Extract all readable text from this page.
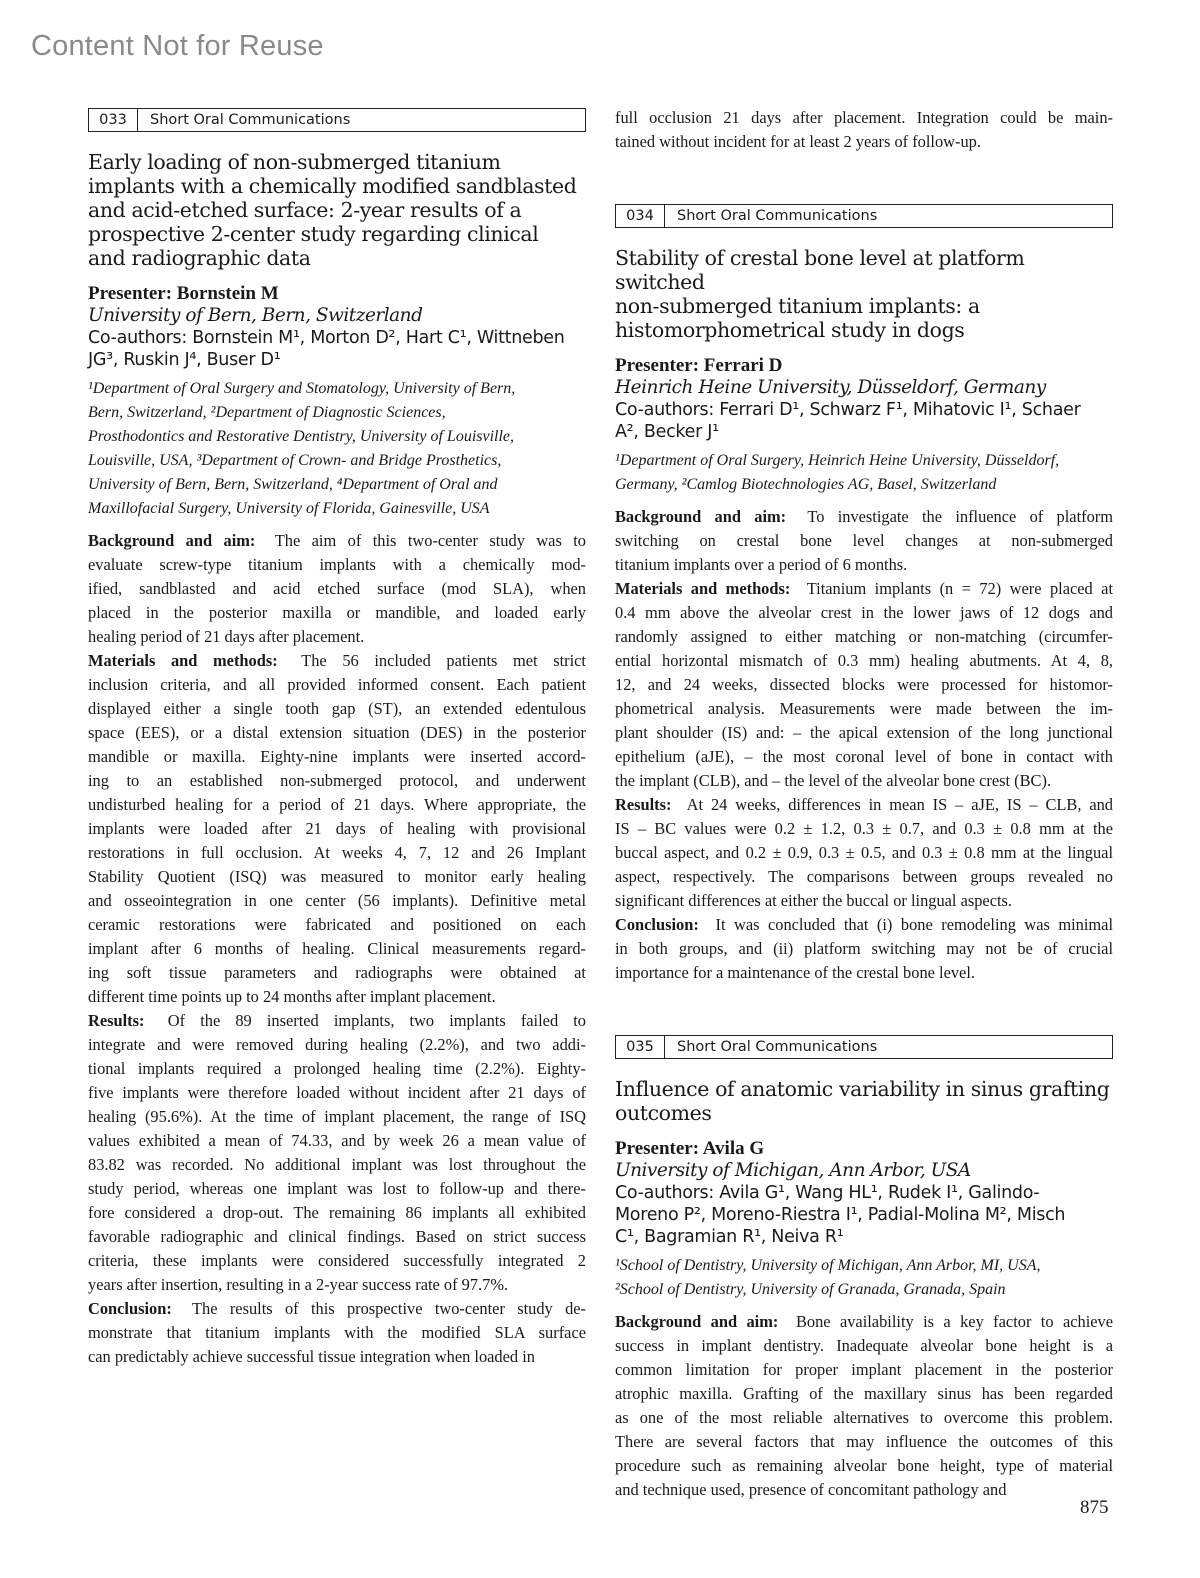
Content Not for Reuse
033	Short Oral Communications
Early loading of non-submerged titanium
implants with a chemically modified sandblasted
and acid-etched surface: 2-year results of a
prospective 2-center study regarding clinical
and radiographic data
Presenter: Bornstein M
University of Bern, Bern, Switzerland
Co-authors: Bornstein M¹, Morton D², Hart C¹, Wittneben
JG³, Ruskin J⁴, Buser D¹
¹Department of Oral Surgery and Stomatology, University of Bern,
Bern, Switzerland, ²Department of Diagnostic Sciences,
Prosthodontics and Restorative Dentistry, University of Louisville,
Louisville, USA, ³Department of Crown- and Bridge Prosthetics,
University of Bern, Bern, Switzerland, ⁴Department of Oral and
Maxillofacial Surgery, University of Florida, Gainesville, USA
Background and aim:  The aim of this two-center study was to
evaluate screw-type titanium implants with a chemically mod-
ified, sandblasted and acid etched surface (mod SLA), when
placed in the posterior maxilla or mandible, and loaded early
healing period of 21 days after placement.
Materials and methods:  The 56 included patients met strict
inclusion criteria, and all provided informed consent. Each patient
displayed either a single tooth gap (ST), an extended edentulous
space (EES), or a distal extension situation (DES) in the posterior
mandible or maxilla. Eighty-nine implants were inserted accord-
ing to an established non-submerged protocol, and underwent
undisturbed healing for a period of 21 days. Where appropriate, the
implants were loaded after 21 days of healing with provisional
restorations in full occlusion. At weeks 4, 7, 12 and 26 Implant
Stability Quotient (ISQ) was measured to monitor early healing
and osseointegration in one center (56 implants). Definitive metal
ceramic restorations were fabricated and positioned on each
implant after 6 months of healing. Clinical measurements regard-
ing soft tissue parameters and radiographs were obtained at
different time points up to 24 months after implant placement.
Results:  Of the 89 inserted implants, two implants failed to
integrate and were removed during healing (2.2%), and two addi-
tional implants required a prolonged healing time (2.2%). Eighty-
five implants were therefore loaded without incident after 21 days of
healing (95.6%). At the time of implant placement, the range of ISQ
values exhibited a mean of 74.33, and by week 26 a mean value of
83.82 was recorded. No additional implant was lost throughout the
study period, whereas one implant was lost to follow-up and there-
fore considered a drop-out. The remaining 86 implants all exhibited
favorable radiographic and clinical findings. Based on strict success
criteria, these implants were considered successfully integrated 2
years after insertion, resulting in a 2-year success rate of 97.7%.
Conclusion:  The results of this prospective two-center study de-
monstrate that titanium implants with the modified SLA surface
can predictably achieve successful tissue integration when loaded in
full occlusion 21 days after placement. Integration could be main-
tained without incident for at least 2 years of follow-up.
034	Short Oral Communications
Stability of crestal bone level at platform switched
non-submerged titanium implants: a
histomorphometrical study in dogs
Presenter: Ferrari D
Heinrich Heine University, Düsseldorf, Germany
Co-authors: Ferrari D¹, Schwarz F¹, Mihatovic I¹, Schaer
A², Becker J¹
¹Department of Oral Surgery, Heinrich Heine University, Düsseldorf,
Germany, ²Camlog Biotechnologies AG, Basel, Switzerland
Background and aim:  To investigate the influence of platform
switching on crestal bone level changes at non-submerged
titanium implants over a period of 6 months.
Materials and methods:  Titanium implants (n = 72) were placed at
0.4 mm above the alveolar crest in the lower jaws of 12 dogs and
randomly assigned to either matching or non-matching (circumfer-
ential horizontal mismatch of 0.3 mm) healing abutments. At 4, 8,
12, and 24 weeks, dissected blocks were processed for histomor-
phometrical analysis. Measurements were made between the im-
plant shoulder (IS) and: – the apical extension of the long junctional
epithelium (aJE), – the most coronal level of bone in contact with
the implant (CLB), and – the level of the alveolar bone crest (BC).
Results:  At 24 weeks, differences in mean IS – aJE, IS – CLB, and
IS – BC values were 0.2 ± 1.2, 0.3 ± 0.7, and 0.3 ± 0.8 mm at the
buccal aspect, and 0.2 ± 0.9, 0.3 ± 0.5, and 0.3 ± 0.8 mm at the lingual
aspect, respectively. The comparisons between groups revealed no
significant differences at either the buccal or lingual aspects.
Conclusion:  It was concluded that (i) bone remodeling was minimal
in both groups, and (ii) platform switching may not be of crucial
importance for a maintenance of the crestal bone level.
035	Short Oral Communications
Influence of anatomic variability in sinus grafting
outcomes
Presenter: Avila G
University of Michigan, Ann Arbor, USA
Co-authors: Avila G¹, Wang HL¹, Rudek I¹, Galindo-
Moreno P², Moreno-Riestra I¹, Padial-Molina M², Misch
C¹, Bagramian R¹, Neiva R¹
¹School of Dentistry, University of Michigan, Ann Arbor, MI, USA,
²School of Dentistry, University of Granada, Granada, Spain
Background and aim:  Bone availability is a key factor to achieve
success in implant dentistry. Inadequate alveolar bone height is a
common limitation for proper implant placement in the posterior
atrophic maxilla. Grafting of the maxillary sinus has been regarded
as one of the most reliable alternatives to overcome this problem.
There are several factors that may influence the outcomes of this
procedure such as remaining alveolar bone height, type of material
and technique used, presence of concomitant pathology and
875
